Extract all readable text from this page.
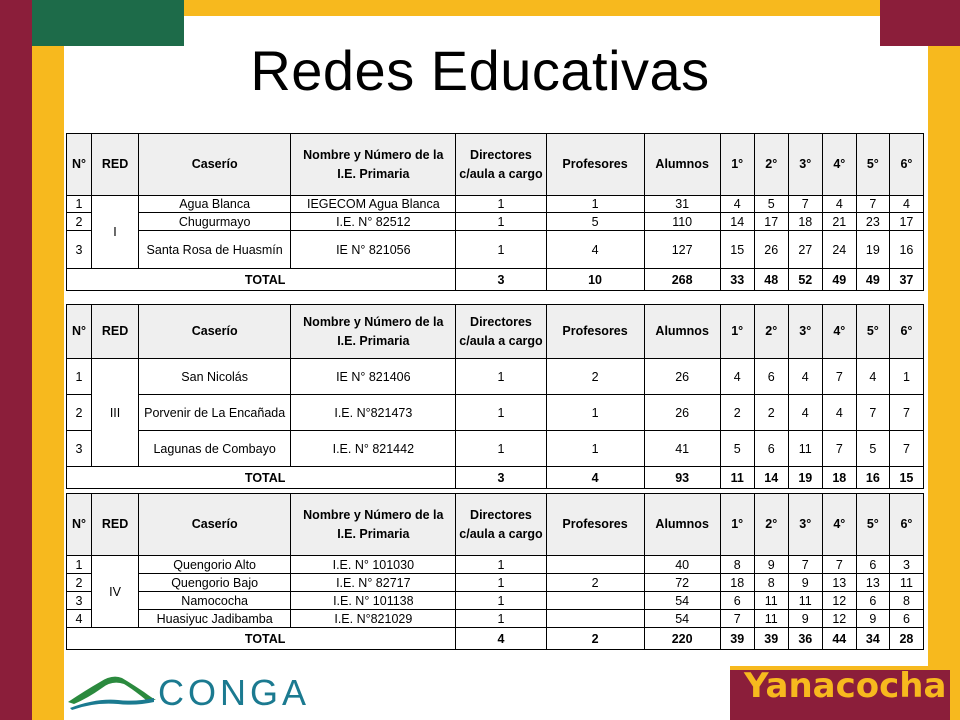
Redes Educativas
N°	RED	Caserío	Nombre y Número de la I.E. Primaria	Directores c/aula a cargo	Profesores	Alumnos	1°	2°	3°	4°	5°	6°
1	I	Agua Blanca	IEGECOM Agua Blanca	1	1	31	4	5	7	4	7	4
2		Chugurmayo	I.E. N° 82512	1	5	110	14	17	18	21	23	17
3		Santa Rosa de Huasmín	IE N° 821056	1	4	127	15	26	27	24	19	16
TOTAL				3	10	268	33	48	52	49	49	37
N°	RED	Caserío	Nombre y Número de la I.E. Primaria	Directores c/aula a cargo	Profesores	Alumnos	1°	2°	3°	4°	5°	6°
1	III	San Nicolás	IE N° 821406	1	2	26	4	6	4	7	4	1
2		Porvenir de La Encañada	I.E. N°821473	1	1	26	2	2	4	4	7	7
3		Lagunas de Combayo	I.E. N° 821442	1	1	41	5	6	11	7	5	7
TOTAL				3	4	93	11	14	19	18	16	15
N°	RED	Caserío	Nombre y Número de la I.E. Primaria	Directores c/aula a cargo	Profesores	Alumnos	1°	2°	3°	4°	5°	6°
1	IV	Quengorio Alto	I.E. N° 101030	1		40	8	9	7	7	6	3
2		Quengorio Bajo	I.E. N° 82717	1	2	72	18	8	9	13	13	11
3		Namococha	I.E. N° 101138	1		54	6	11	11	12	6	8
4		Huasiyuc Jadibamba	I.E. N°821029	1		54	7	11	9	12	9	6
TOTAL				4	2	220	39	39	36	44	34	28
CONGA	Yanacocha
